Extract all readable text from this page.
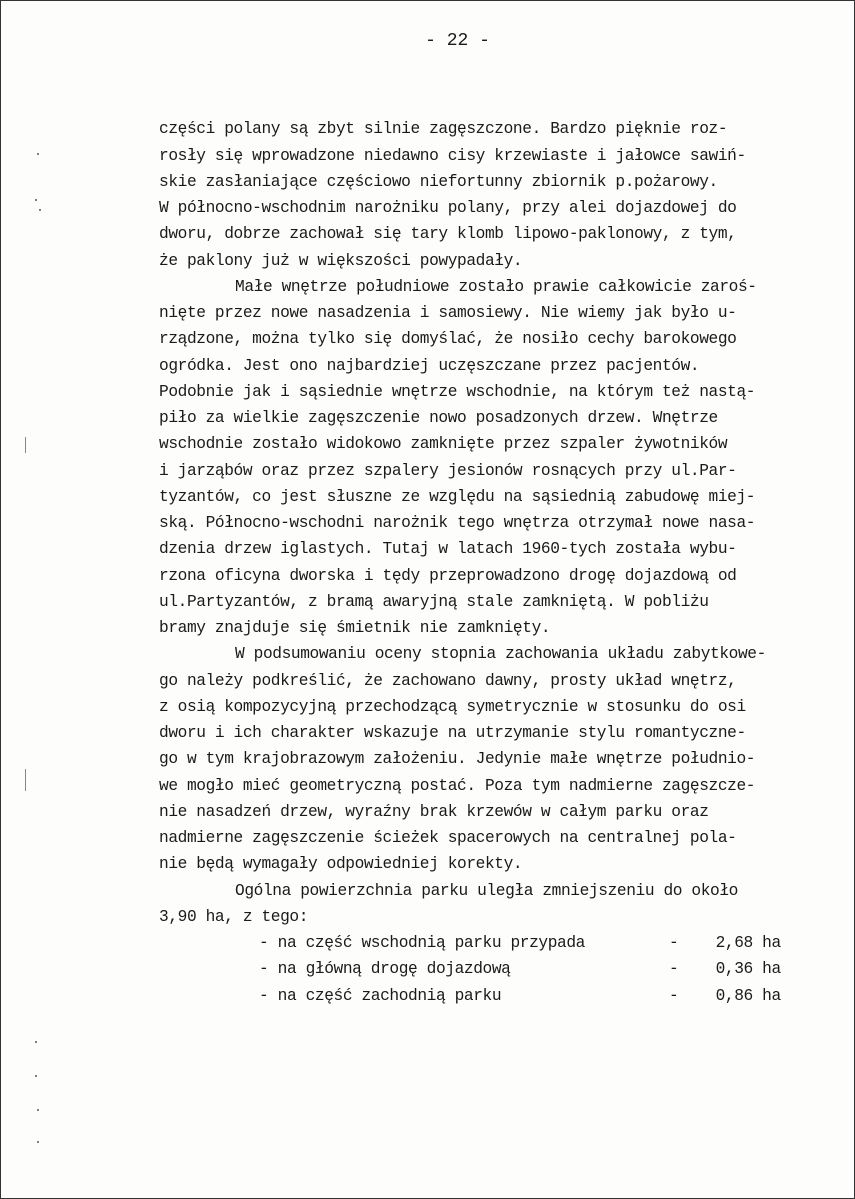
- 22 -
części polany są zbyt silnie zagęszczone. Bardzo pięknie roz-
rosły się wprowadzone niedawno cisy krzewiaste i jałowce sawiń-
skie zasłaniające częściowo niefortunny zbiornik p.pożarowy.
W północno-wschodnim narożniku polany, przy alei dojazdowej do
dworu, dobrze zachował się tary klomb lipowo-paklonowy, z tym,
że paklony już w większości powypadały.
Małe wnętrze południowe zostało prawie całkowicie zaroś-
nięte przez nowe nasadzenia i samosiewy. Nie wiemy jak było u-
rządzone, można tylko się domyślać, że nosiło cechy barokowego
ogródka. Jest ono najbardziej uczęszczane przez pacjentów.
Podobnie jak i sąsiednie wnętrze wschodnie, na którym też nastą-
piło za wielkie zagęszczenie nowo posadzonych drzew. Wnętrze
wschodnie zostało widokowo zamknięte przez szpaler żywotników
i jarząbów oraz przez szpalery jesionów rosnących przy ul.Par-
tyzantów, co jest słuszne ze względu na sąsiednią zabudowę miej-
ską. Północno-wschodni narożnik tego wnętrza otrzymał nowe nasa-
dzenia drzew iglastych. Tutaj w latach 1960-tych została wybu-
rzona oficyna dworska i tędy przeprowadzono drogę dojazdową od
ul.Partyzantów, z bramą awaryjną stale zamkniętą. W pobliżu
bramy znajduje się śmietnik nie zamknięty.
W podsumowaniu oceny stopnia zachowania układu zabytkowe-
go należy podkreślić, że zachowano dawny, prosty układ wnętrz,
z osią kompozycyjną przechodzącą symetrycznie w stosunku do osi
dworu i ich charakter wskazuje na utrzymanie stylu romantyczne-
go w tym krajobrazowym założeniu. Jedynie małe wnętrze południo-
we mogło mieć geometryczną postać. Poza tym nadmierne zagęszcze-
nie nasadzeń drzew, wyraźny brak krzewów w całym parku oraz
nadmierne zagęszczenie ścieżek spacerowych na centralnej pola-
nie będą wymagały odpowiedniej korekty.
Ogólna powierzchnia parku uległa zmniejszeniu do około
3,90 ha, z tego:
- na część wschodnią parku przypada	-    2,68 ha
- na główną drogę dojazdową	-    0,36 ha
- na część zachodnią parku	-    0,86 ha
